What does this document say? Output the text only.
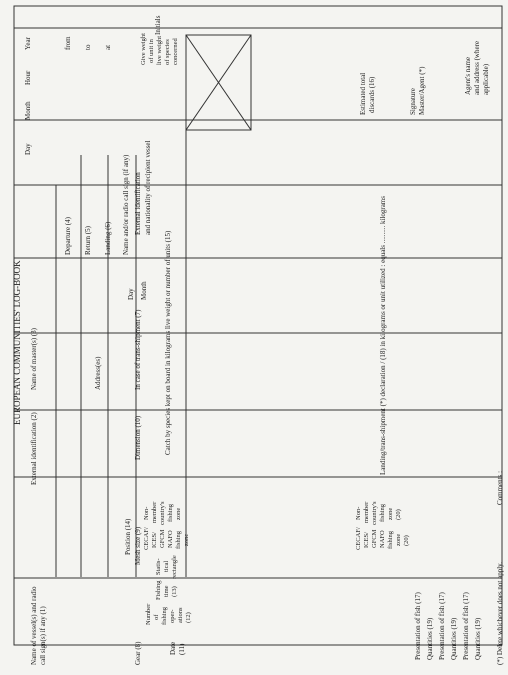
EUROPEAN COMMUNITIES' LOG-BOOK
Name of vessel(s) and radio call sign(s) if any (1)
External identification (2)
Name of master(s) (3)	Address(es)
Departure (4) Return (5) Landing (6)
Day
Month
Hour
Year	from to at
Gear (8)
Mesh size (9)
Dimension (10)
In case of trans-shipment (7)
Day Month
Name and/or radio call sign (if any) External identification and nationality of recipient vessel
Catch by species kept on board in kilograms live weight or number of units (15)
Initials
Date (11)
Number of fishing oper- ations (12)
Fishing time (13)
Position (14)
Statis- tical rectangle
CECAF/ ICES/ GFCM NAFO fishing zone
Non- member country's fishing zone
Give weight of unit in live weight of species concerned
CECAF/ ICES/ GFCM NAFO fishing zone (20)
Non- member country's fishing zone (20)
Landing/trans-shipment (*) declaration / (18) in kilograms or unit utilized : equals .......... kilograms
Estimated total discards (16)	Signature Master/Agent (*)	Agent's name and address (where applicable)
Presentation of fish (17) Quantities (19) Presentation of fish (17) Quantities (19) Presentation of fish (17) Quantities (19) (*) Delete whichever does not apply.
Comments :
